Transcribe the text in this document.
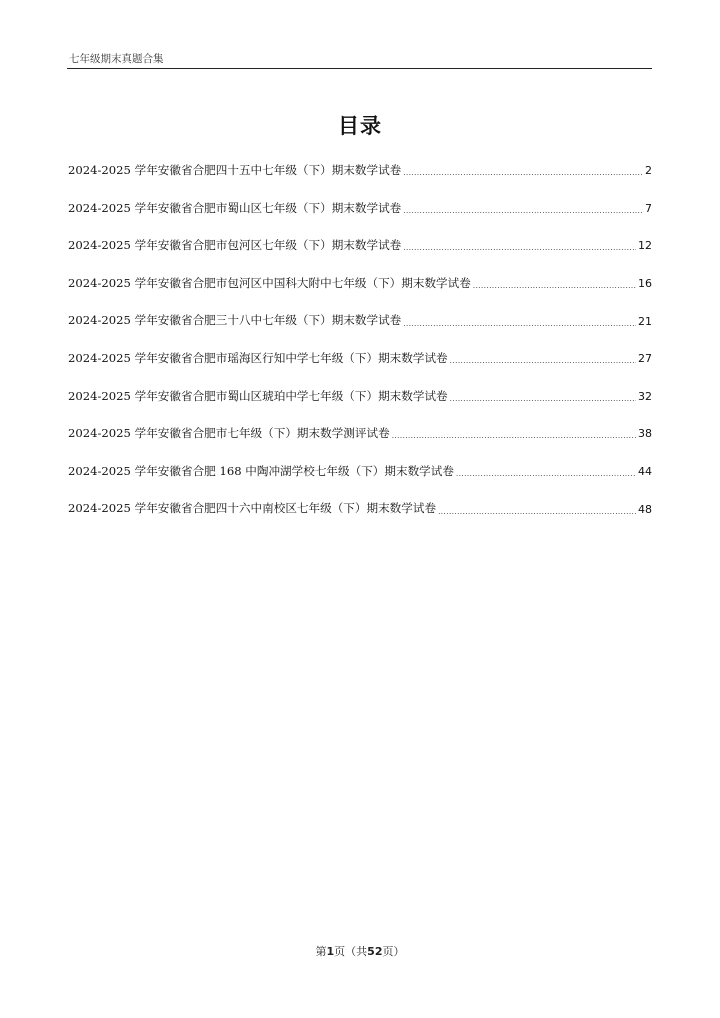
七年级期末真题合集
目录
2024-2025 学年安徽省合肥四十五中七年级（下）期末数学试卷 .....	2
2024-2025 学年安徽省合肥市蜀山区七年级（下）期末数学试卷 .....	7
2024-2025 学年安徽省合肥市包河区七年级（下）期末数学试卷 .....	12
2024-2025 学年安徽省合肥市包河区中国科大附中七年级（下）期末数学试卷 .....	16
2024-2025 学年安徽省合肥三十八中七年级（下）期末数学试卷 .....	21
2024-2025 学年安徽省合肥市瑶海区行知中学七年级（下）期末数学试卷 .....	27
2024-2025 学年安徽省合肥市蜀山区琥珀中学七年级（下）期末数学试卷 .....	32
2024-2025 学年安徽省合肥市七年级（下）期末数学测评试卷 .....	38
2024-2025 学年安徽省合肥 168 中陶冲湖学校七年级（下）期末数学试卷 .....	44
2024-2025 学年安徽省合肥四十六中南校区七年级（下）期末数学试卷 .....	48
第1页（共52页）
